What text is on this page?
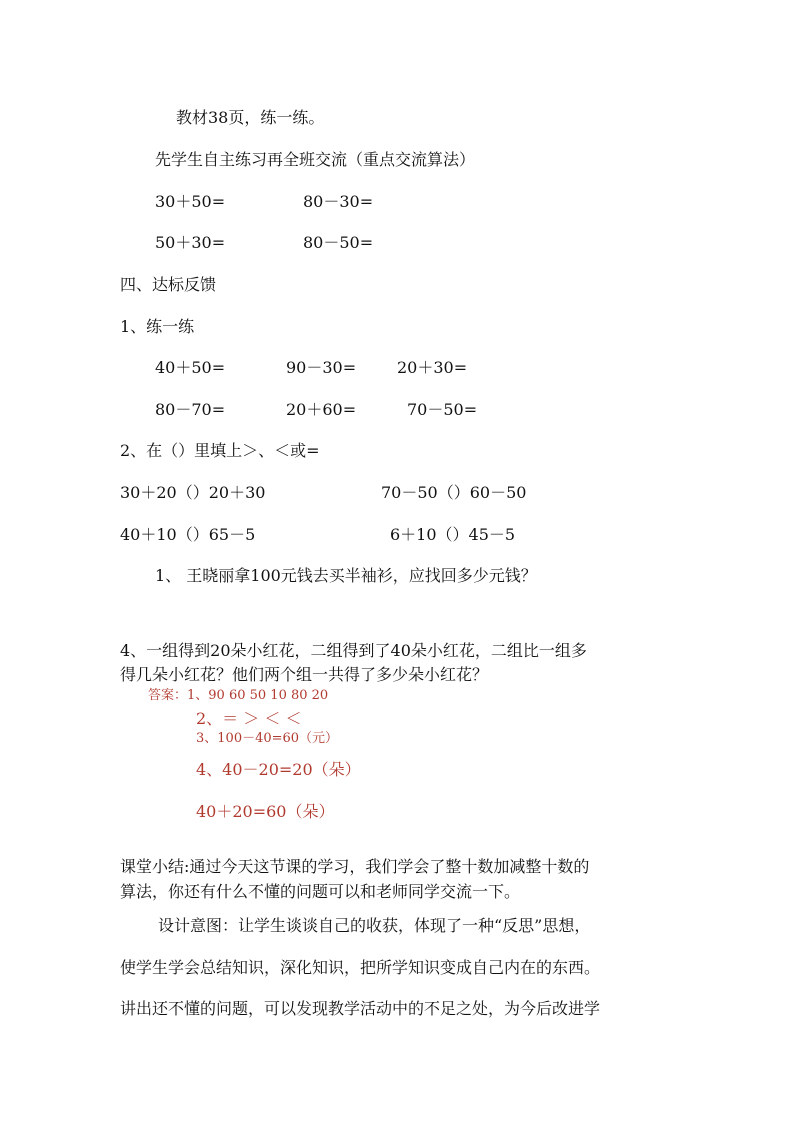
教材38页，练一练。
先学生自主练习再全班交流（重点交流算法）
30＋50=	80－30=
50＋30=	80－50=
四、达标反馈
1、练一练
40＋50=	90－30=	20＋30=
80－70=	20＋60=	70－50=
2、在（）里填上＞、＜或=
30＋20（）20＋30	70－50（）60－50
40＋10（）65－5	6＋10（）45－5
1、 王晓丽拿100元钱去买半袖衫，应找回多少元钱？
4、一组得到20朵小红花，二组得到了40朵小红花，二组比一组多
得几朵小红花？他们两个组一共得了多少朵小红花？
答案：1、90 60 50 10 80 20
2、＝ ＞ ＜ ＜
3、100－40=60（元）
4、40－20=20（朵）
40＋20=60（朵）
课堂小结:通过今天这节课的学习，我们学会了整十数加减整十数的
算法，你还有什么不懂的问题可以和老师同学交流一下。
设计意图：让学生谈谈自己的收获，体现了一种“反思”思想，
使学生学会总结知识，深化知识，把所学知识变成自己内在的东西。
讲出还不懂的问题，可以发现教学活动中的不足之处，为今后改进学
